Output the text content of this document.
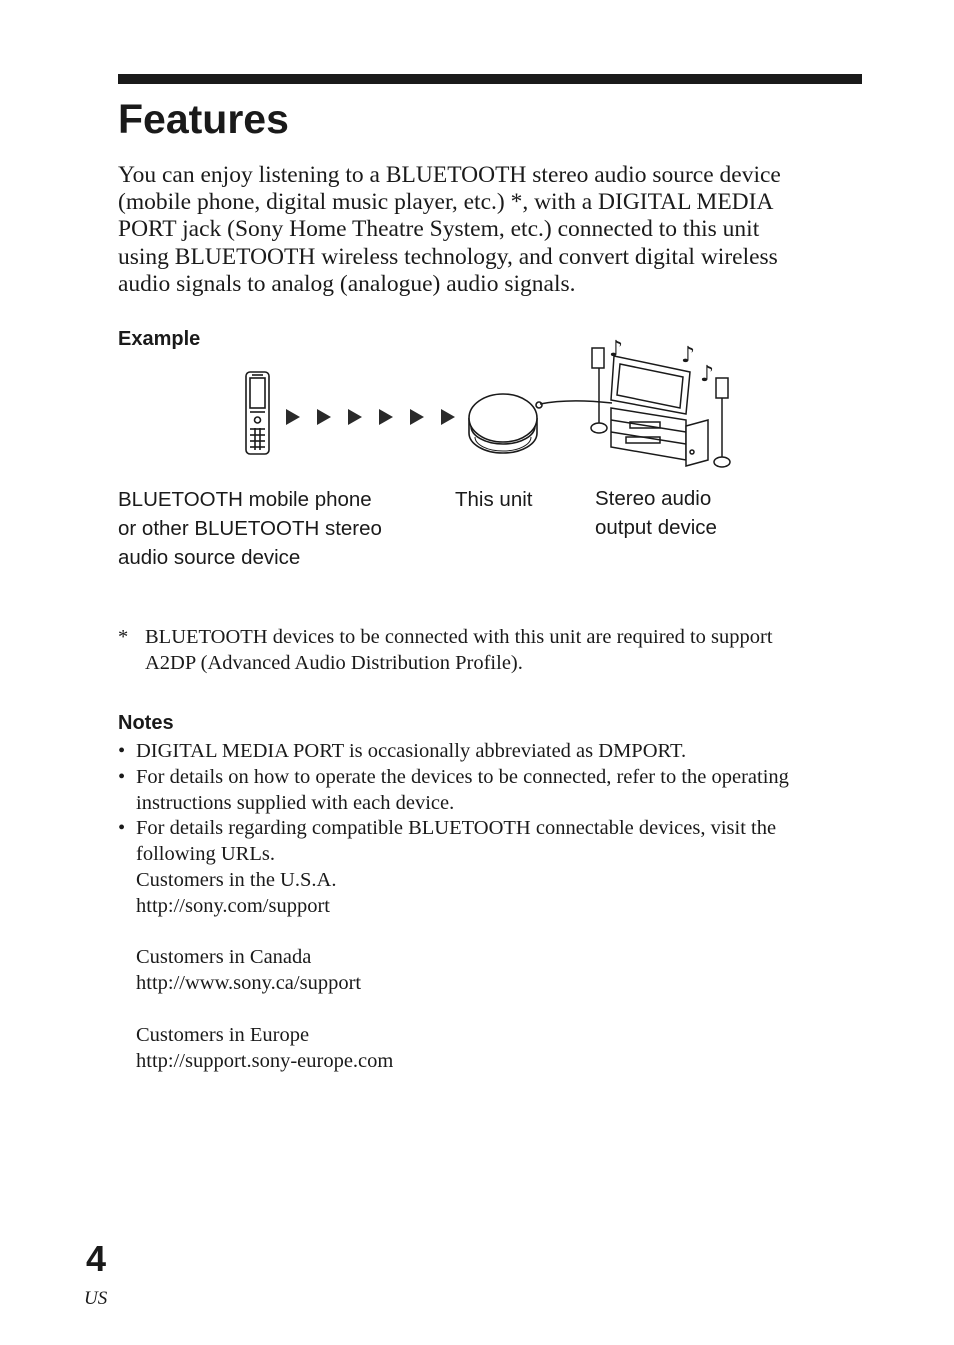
Features
You can enjoy listening to a BLUETOOTH stereo audio source device
(mobile phone, digital music player, etc.) *, with a DIGITAL MEDIA
PORT jack (Sony Home Theatre System, etc.) connected to this unit
using BLUETOOTH wireless technology, and convert digital wireless
audio signals to analog (analogue) audio signals.
Example	♪	♪
♪
BLUETOOTH mobile phone
or other BLUETOOTH stereo
audio source device
This unit	Stereo audio
output device
* BLUETOOTH devices to be connected with this unit are required to support
A2DP (Advanced Audio Distribution Profile).
Notes
• DIGITAL MEDIA PORT is occasionally abbreviated as DMPORT.
• For details on how to operate the devices to be connected, refer to the operating
instructions supplied with each device.
• For details regarding compatible BLUETOOTH connectable devices, visit the
following URLs.
Customers in the U.S.A.
http://sony.com/support
Customers in Canada
http://www.sony.ca/support
Customers in Europe
http://support.sony-europe.com
4
US
